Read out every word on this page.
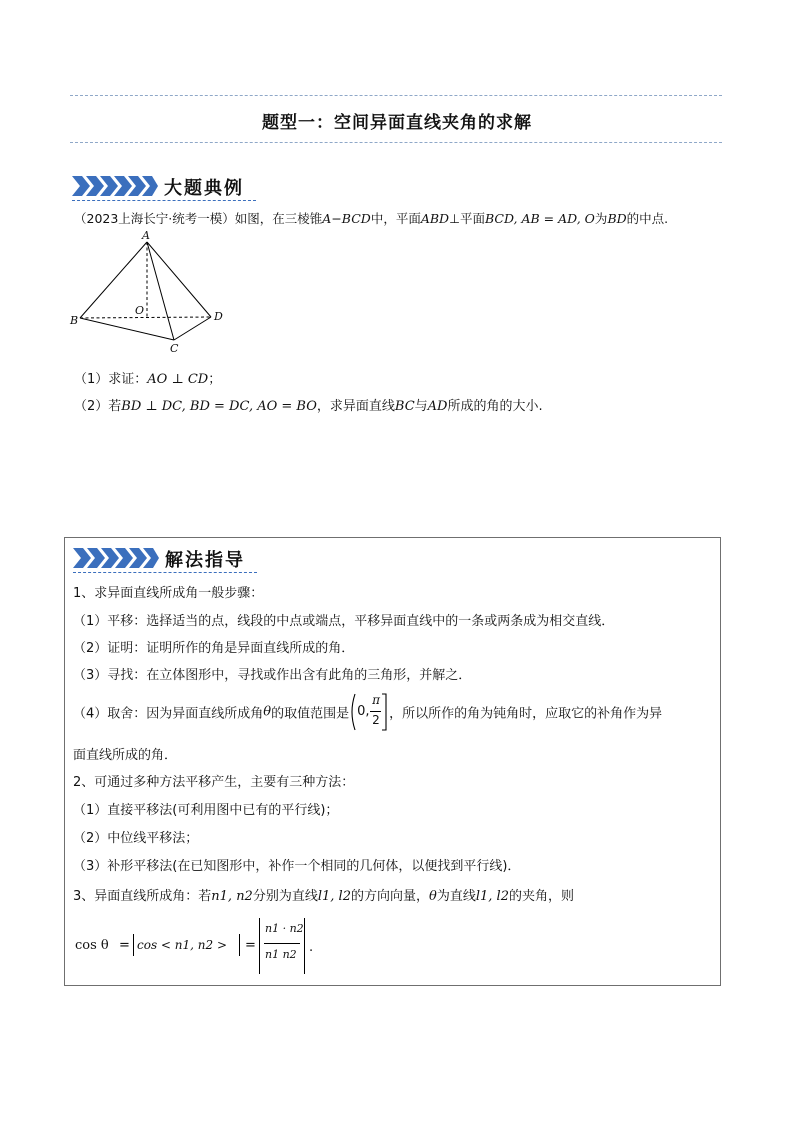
题型一：空间异面直线夹角的求解
大题典例
（2023上海长宁·统考一模）如图，在三棱锥A−BCD中，平面ABD⊥平面BCD, AB = AD, O为BD的中点.
A
B
C
D
O
（1）求证：AO ⊥ CD；
（2）若BD ⊥ DC, BD = DC, AO = BO，求异面直线BC与AD所成的角的大小.
解法指导
1、求异面直线所成角一般步骤：
（1）平移：选择适当的点，线段的中点或端点，平移异面直线中的一条或两条成为相交直线．
（2）证明：证明所作的角是异面直线所成的角．
（3）寻找：在立体图形中，寻找或作出含有此角的三角形，并解之．
（4）取舍：因为异面直线所成角θ的取值范围是 0,
π
2 ，所以所作的角为钝角时，应取它的补角作为异
面直线所成的角．
2、可通过多种方法平移产生，主要有三种方法：
（1）直接平移法(可利用图中已有的平行线)；
（2）中位线平移法；
（3）补形平移法(在已知图形中，补作一个相同的几何体，以便找到平行线)．
3、异面直线所成角：若n1, n2分别为直线l1, l2的方向向量，θ为直线l1, l2的夹角，则
cos θ = cos < n1, n2 > =
n1 · n2
n1 n2 .
